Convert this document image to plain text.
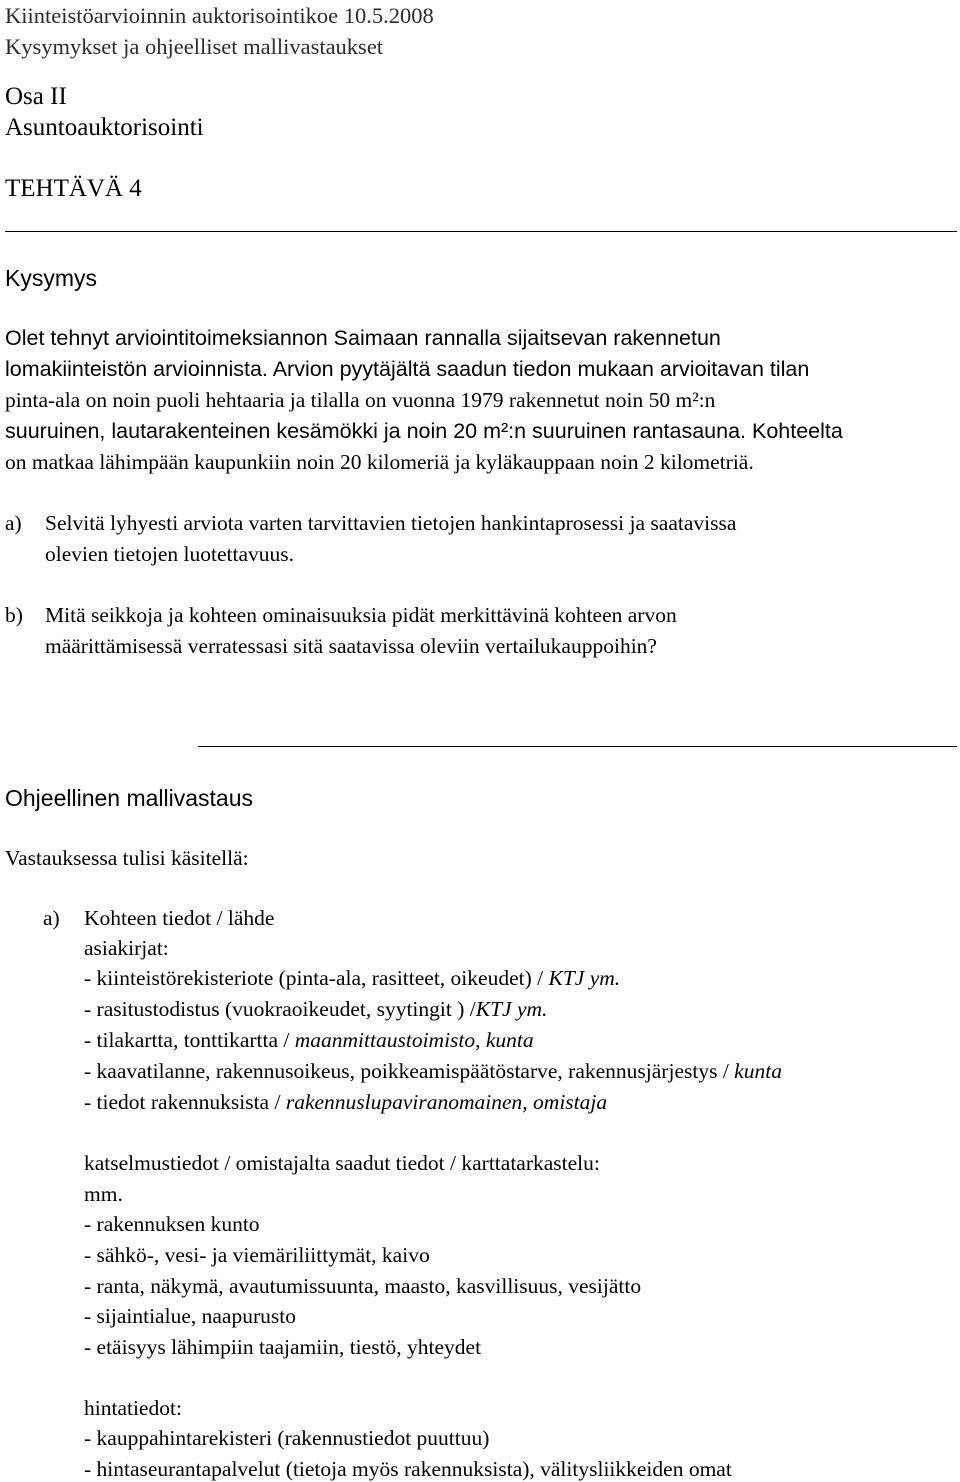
Kiinteistöarvioinnin auktorisointikoe 10.5.2008
Kysymykset ja ohjeelliset mallivastaukset
Osa II
Asuntoauktorisointi
TEHTÄVÄ 4
Kysymys
Olet tehnyt arviointitoimeksiannon Saimaan rannalla sijaitsevan rakennetun
lomakiinteistön arvioinnista. Arvion pyytäjältä saadun tiedon mukaan arvioitavan tilan
pinta-ala on noin puoli hehtaaria ja tilalla on vuonna 1979 rakennetut noin 50 m²:n
suuruinen, lautarakenteinen kesämökki ja noin 20 m²:n suuruinen rantasauna. Kohteelta
on matkaa lähimpään kaupunkiin noin 20 kilomeriä ja kyläkauppaan noin 2 kilometriä.
a) Selvitä lyhyesti arviota varten tarvittavien tietojen hankintaprosessi ja saatavissa
olevien tietojen luotettavuus.
b) Mitä seikkoja ja kohteen ominaisuuksia pidät merkittävinä kohteen arvon
määrittämisessä verratessasi sitä saatavissa oleviin vertailukauppoihin?
Ohjeellinen mallivastaus
Vastauksessa tulisi käsitellä:
a) Kohteen tiedot / lähde
asiakirjat:
- kiinteistörekisteriote (pinta-ala, rasitteet, oikeudet) / KTJ ym.
- rasitustodistus (vuokraoikeudet, syytingit ) /KTJ ym.
- tilakartta, tonttikartta / maanmittaustoimisto, kunta
- kaavatilanne, rakennusoikeus, poikkeamispäätöstarve, rakennusjärjestys / kunta
- tiedot rakennuksista / rakennuslupaviranomainen, omistaja
katselmustiedot / omistajalta saadut tiedot / karttatarkastelu:
mm.
- rakennuksen kunto
- sähkö-, vesi- ja viemäriliittymät, kaivo
- ranta, näkymä, avautumissuunta, maasto, kasvillisuus, vesijätto
- sijaintialue, naapurusto
- etäisyys lähimpiin taajamiin, tiestö, yhteydet
hintatiedot:
- kauppahintarekisteri (rakennustiedot puuttuu)
- hintaseurantapalvelut (tietoja myös rakennuksista), välitysliikkeiden omat
